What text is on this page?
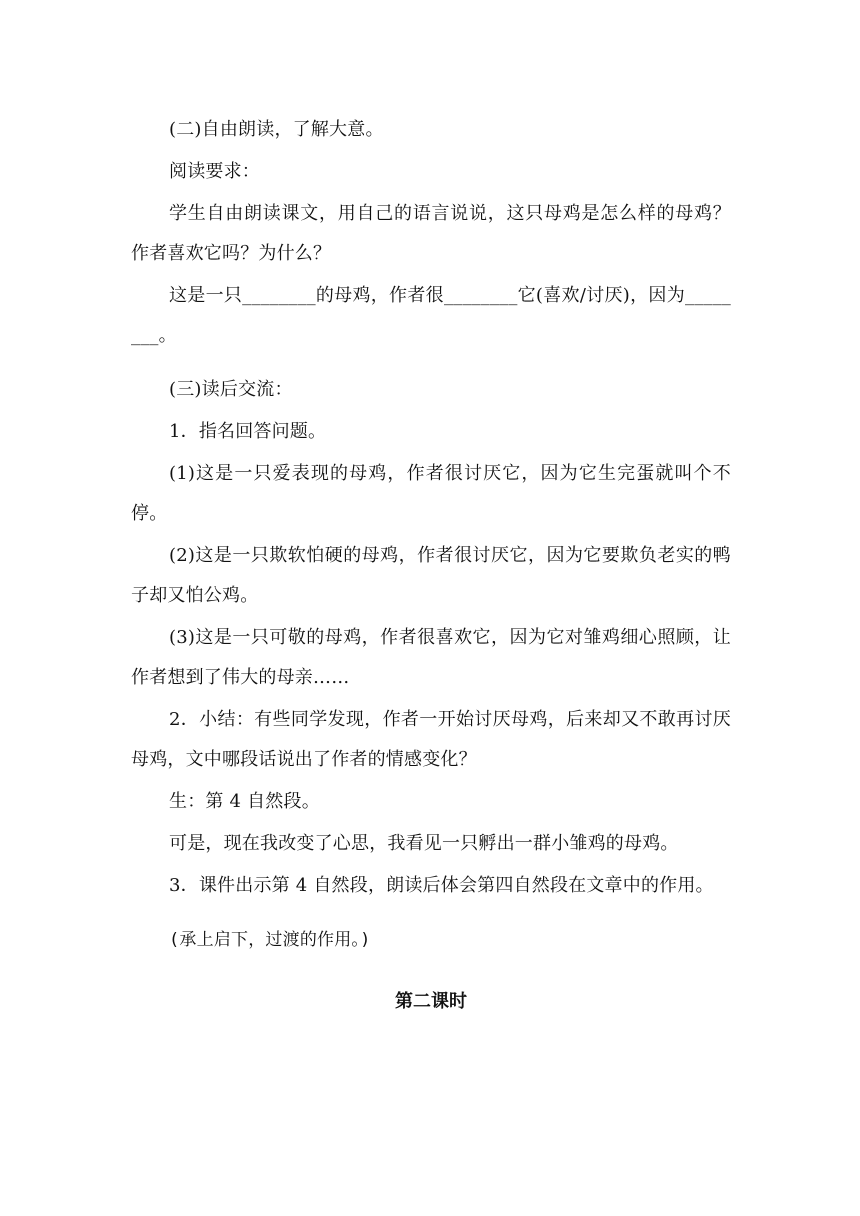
(二)自由朗读，了解大意。

阅读要求：

学生自由朗读课文，用自己的语言说说，这只母鸡是怎么样的母鸡？作者喜欢它吗？为什么？

这是一只________的母鸡，作者很________它(喜欢/讨厌)，因为________。

(三)读后交流：

1．指名回答问题。

(1)这是一只爱表现的母鸡，作者很讨厌它，因为它生完蛋就叫个不停。

(2)这是一只欺软怕硬的母鸡，作者很讨厌它，因为它要欺负老实的鸭子却又怕公鸡。

(3)这是一只可敬的母鸡，作者很喜欢它，因为它对雏鸡细心照顾，让作者想到了伟大的母亲……

2．小结：有些同学发现，作者一开始讨厌母鸡，后来却又不敢再讨厌母鸡，文中哪段话说出了作者的情感变化？

生：第 4 自然段。

可是，现在我改变了心思，我看见一只孵出一群小雏鸡的母鸡。

3．课件出示第 4 自然段，朗读后体会第四自然段在文章中的作用。

(承上启下，过渡的作用。)

第二课时
